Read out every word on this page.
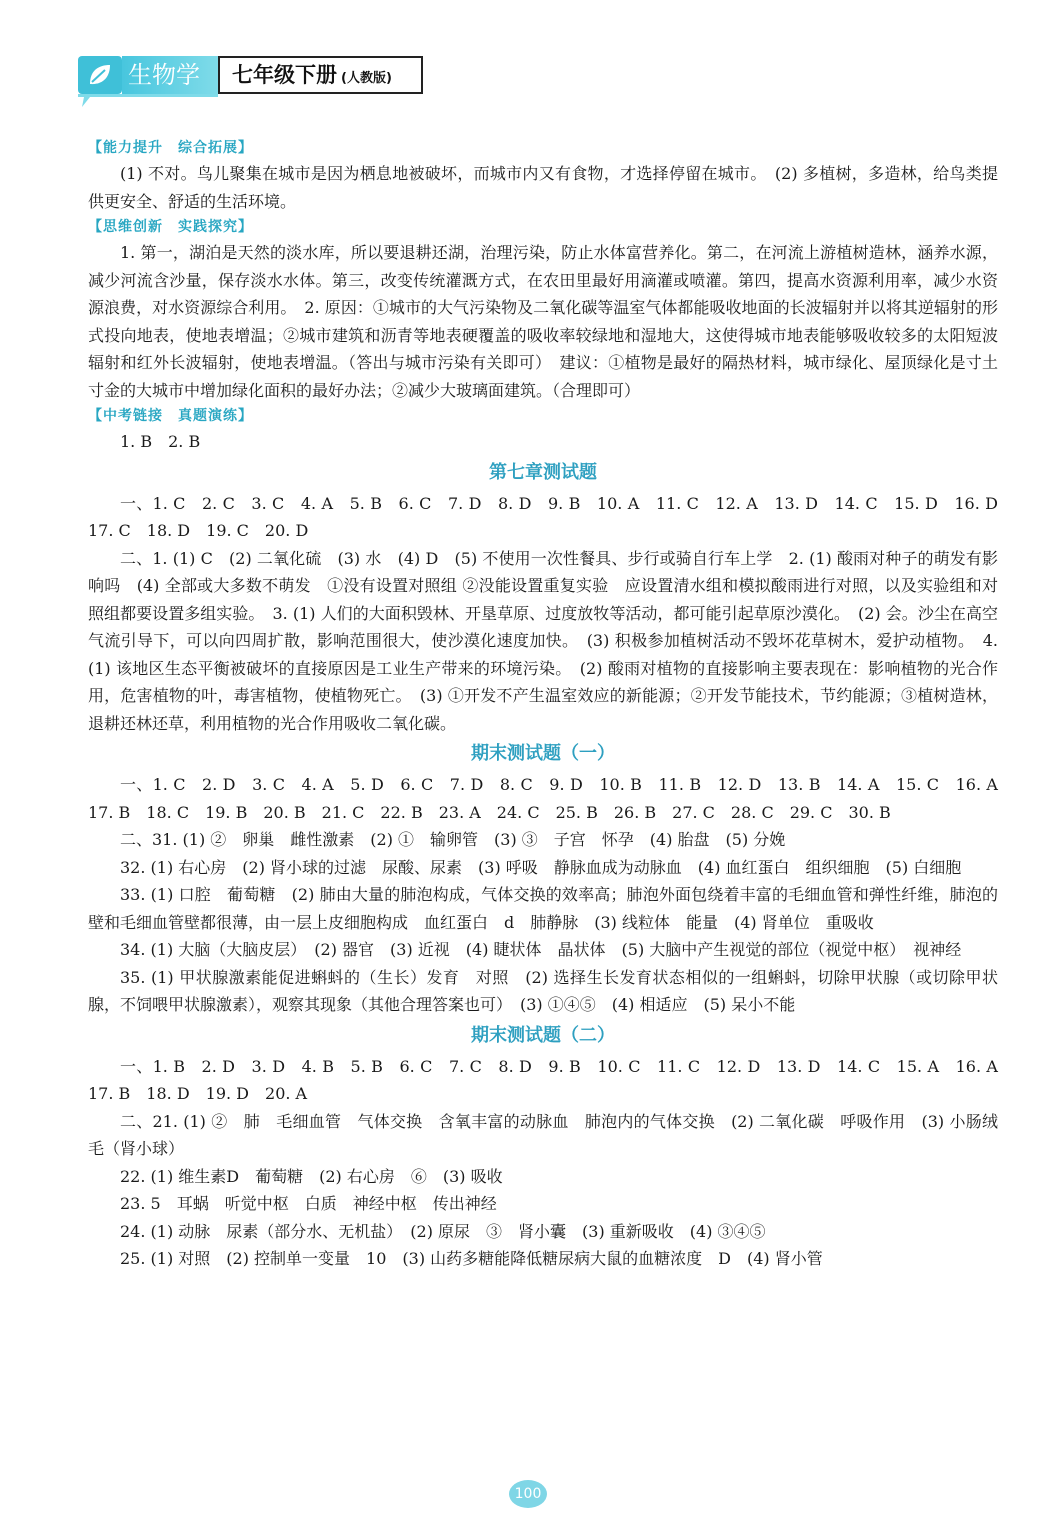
生物学	七年级下册 (人教版)
【能力提升　综合拓展】

(1) 不对。鸟儿聚集在城市是因为栖息地被破坏，而城市内又有食物，才选择停留在城市。　(2) 多植树，多造林，给鸟类提供更安全、舒适的生活环境。

【思维创新　实践探究】

1. 第一，湖泊是天然的淡水库，所以要退耕还湖，治理污染，防止水体富营养化。第二，在河流上游植树造林，涵养水源，减少河流含沙量，保存淡水水体。第三，改变传统灌溉方式，在农田里最好用滴灌或喷灌。第四，提高水资源利用率，减少水资源浪费，对水资源综合利用。　2. 原因：①城市的大气污染物及二氧化碳等温室气体都能吸收地面的长波辐射并以将其逆辐射的形式投向地表，使地表增温；②城市建筑和沥青等地表硬覆盖的吸收率较绿地和湿地大，这使得城市地表能够吸收较多的太阳短波辐射和红外长波辐射，使地表增温。（答出与城市污染有关即可）　建议：①植物是最好的隔热材料，城市绿化、屋顶绿化是寸土寸金的大城市中增加绿化面积的最好办法；②减少大玻璃面建筑。（合理即可）

【中考链接　真题演练】

1. B　2. B

第七章测试题

一、1. C　2. C　3. C　4. A　5. B　6. C　7. D　8. D　9. B　10. A　11. C　12. A　13. D　14. C　15. D　16. D　17. C　18. D　19. C　20. D

二、1. (1) C　(2) 二氧化硫　(3) 水　(4) D　(5) 不使用一次性餐具、步行或骑自行车上学　2. (1) 酸雨对种子的萌发有影响吗　(4) 全部或大多数不萌发　①没有设置对照组 ②没能设置重复实验　应设置清水组和模拟酸雨进行对照，以及实验组和对照组都要设置多组实验。　3. (1) 人们的大面积毁林、开垦草原、过度放牧等活动，都可能引起草原沙漠化。　(2) 会。沙尘在高空气流引导下，可以向四周扩散，影响范围很大，使沙漠化速度加快。　(3) 积极参加植树活动不毁坏花草树木，爱护动植物。　4. (1) 该地区生态平衡被破坏的直接原因是工业生产带来的环境污染。　(2) 酸雨对植物的直接影响主要表现在：影响植物的光合作用，危害植物的叶，毒害植物，使植物死亡。　(3) ①开发不产生温室效应的新能源；②开发节能技术，节约能源；③植树造林，退耕还林还草，利用植物的光合作用吸收二氧化碳。

期末测试题（一）

一、1. C　2. D　3. C　4. A　5. D　6. C　7. D　8. C　9. D　10. B　11. B　12. D　13. B　14. A　15. C　16. A　17. B　18. C　19. B　20. B　21. C　22. B　23. A　24. C　25. B　26. B　27. C　28. C　29. C　30. B

二、31. (1) ②　卵巢　雌性激素　(2) ①　输卵管　(3) ③　子宫　怀孕　(4) 胎盘　(5) 分娩

32. (1) 右心房　(2) 肾小球的过滤　尿酸、尿素　(3) 呼吸　静脉血成为动脉血　(4) 血红蛋白　组织细胞　(5) 白细胞

33. (1) 口腔　葡萄糖　(2) 肺由大量的肺泡构成，气体交换的效率高；肺泡外面包绕着丰富的毛细血管和弹性纤维，肺泡的壁和毛细血管壁都很薄，由一层上皮细胞构成　血红蛋白　d　肺静脉　(3) 线粒体　能量　(4) 肾单位　重吸收

34. (1) 大脑（大脑皮层）　(2) 器官　(3) 近视　(4) 睫状体　晶状体　(5) 大脑中产生视觉的部位（视觉中枢）　视神经

35. (1) 甲状腺激素能促进蝌蚪的（生长）发育　对照　(2) 选择生长发育状态相似的一组蝌蚪，切除甲状腺（或切除甲状腺，不饲喂甲状腺激素），观察其现象（其他合理答案也可）　(3) ①④⑤　(4) 相适应　(5) 呆小不能

期末测试题（二）

一、1. B　2. D　3. D　4. B　5. B　6. C　7. C　8. D　9. B　10. C　11. C　12. D　13. D　14. C　15. A　16. A　17. B　18. D　19. D　20. A

二、21. (1) ②　肺　毛细血管　气体交换　含氧丰富的动脉血　肺泡内的气体交换　(2) 二氧化碳　呼吸作用　(3) 小肠绒毛（肾小球）

22. (1) 维生素D　葡萄糖　(2) 右心房　⑥　(3) 吸收

23. 5　耳蜗　听觉中枢　白质　神经中枢　传出神经

24. (1) 动脉　尿素（部分水、无机盐）　(2) 原尿　③　肾小囊　(3) 重新吸收　(4) ③④⑤

25. (1) 对照　(2) 控制单一变量　10　(3) 山药多糖能降低糖尿病大鼠的血糖浓度　D　(4) 肾小管

100
